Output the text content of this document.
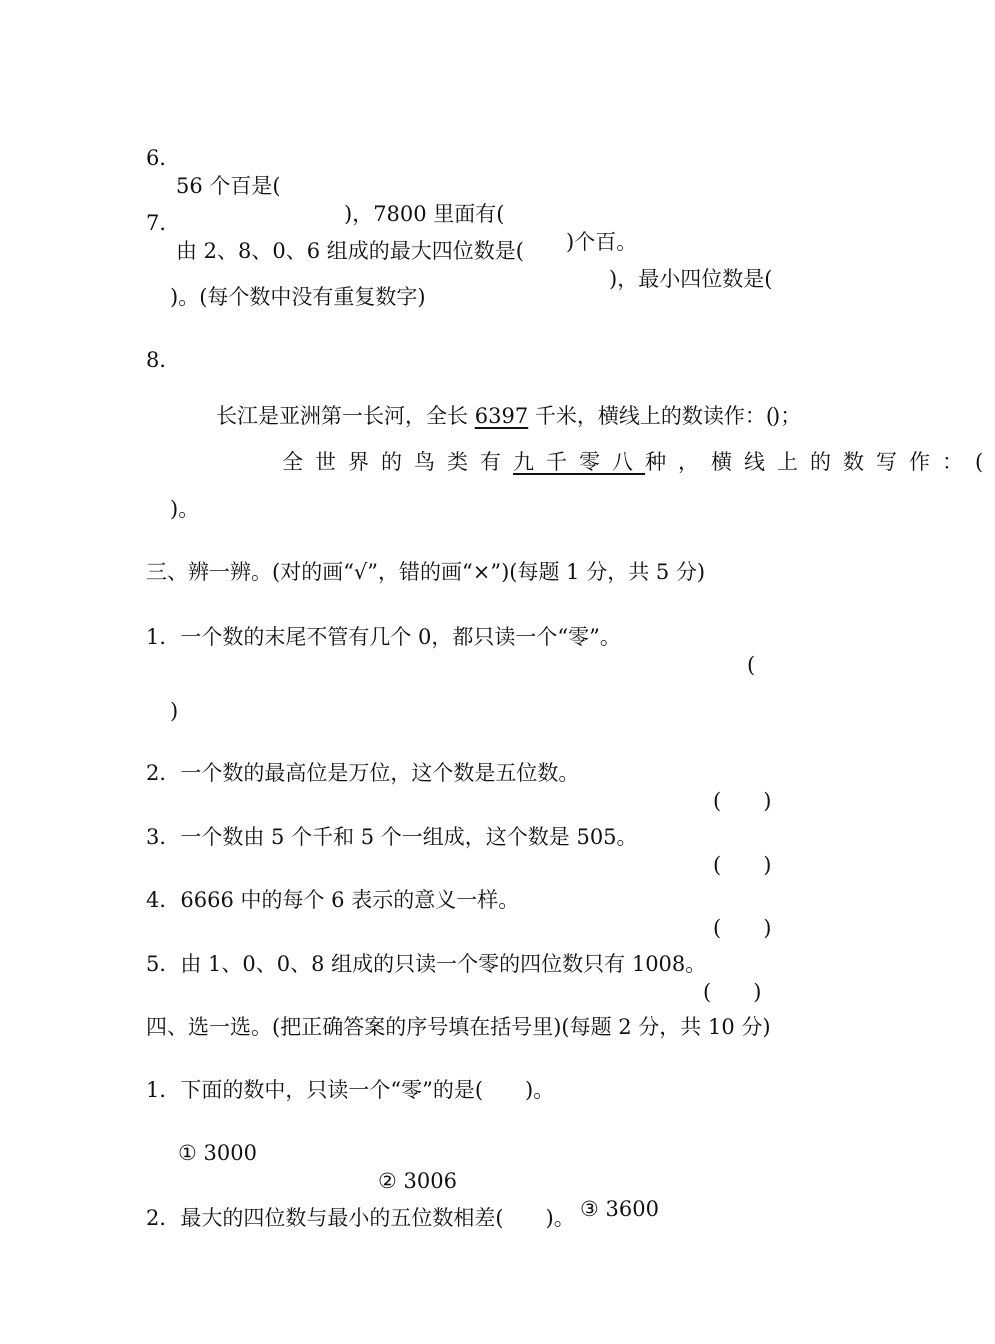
6．

56 个百是(

)，7800 里面有(

)个百。

7．

由 2、8、0、6 组成的最大四位数是(

)，最小四位数是(

)。(每个数中没有重复数字)

8．

长江是亚洲第一长河，全长 6397 千米，横线上的数读作：(

)；

全世界的鸟类有九千零八种，横线上的数写作：(

)。

三、辨一辨。(对的画“√”，错的画“×”)(每题 1 分，共 5 分)

1．一个数的末尾不管有几个 0，都只读一个“零”。

(

)

2．一个数的最高位是万位，这个数是五位数。

(　　)

3．一个数由 5 个千和 5 个一组成，这个数是 505。

(　　)

4．6666 中的每个 6 表示的意义一样。

(　　)

5．由 1、0、0、8 组成的只读一个零的四位数只有 1008。

(　　)

四、选一选。(把正确答案的序号填在括号里)(每题 2 分，共 10 分)

1．下面的数中，只读一个“零”的是(　　)。

① 3000

② 3006

③ 3600

2．最大的四位数与最小的五位数相差(　　)。
